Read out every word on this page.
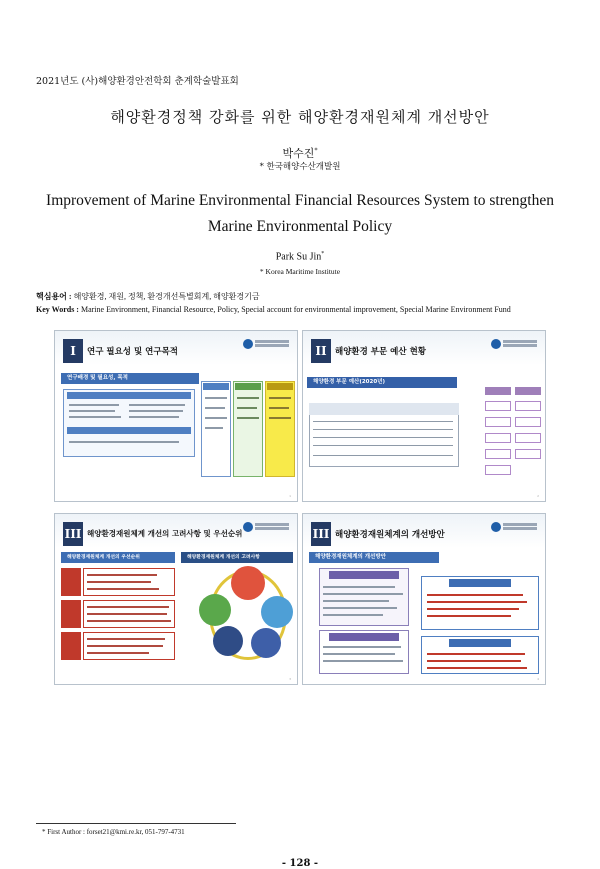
2021년도 (사)해양환경안전학회 춘계학술발표회
해양환경정책 강화를 위한 해양환경재원체계 개선방안
박수진*
* 한국해양수산개발원
Improvement of Marine Environmental Financial Resources System to strengthen Marine Environmental Policy
Park Su Jin*
* Korea Maritime Institute
핵심용어 : 해양환경, 재원, 정책, 환경개선특별회계, 해양환경기금
Key Words : Marine Environment, Financial Resource, Policy, Special account for environmental improvement, Special Marine Environment Fund
I	연구 필요성 및 연구목적
연구배경 및 필요성, 목적
1
II 해양환경 부문 예산 현황
해양환경 부문 예산(2020년)
2
III 해양환경재원체계 개선의 고려사항 및 우선순위
해양환경재원체계 개선의 우선순위	해양환경재원체계 개선의 고려사항
3
III 해양환경재원체계의 개선방안
해양환경재원체계의 개선방안
4
* First Author : forset21@kmi.re.kr, 051-797-4731
- 128 -
